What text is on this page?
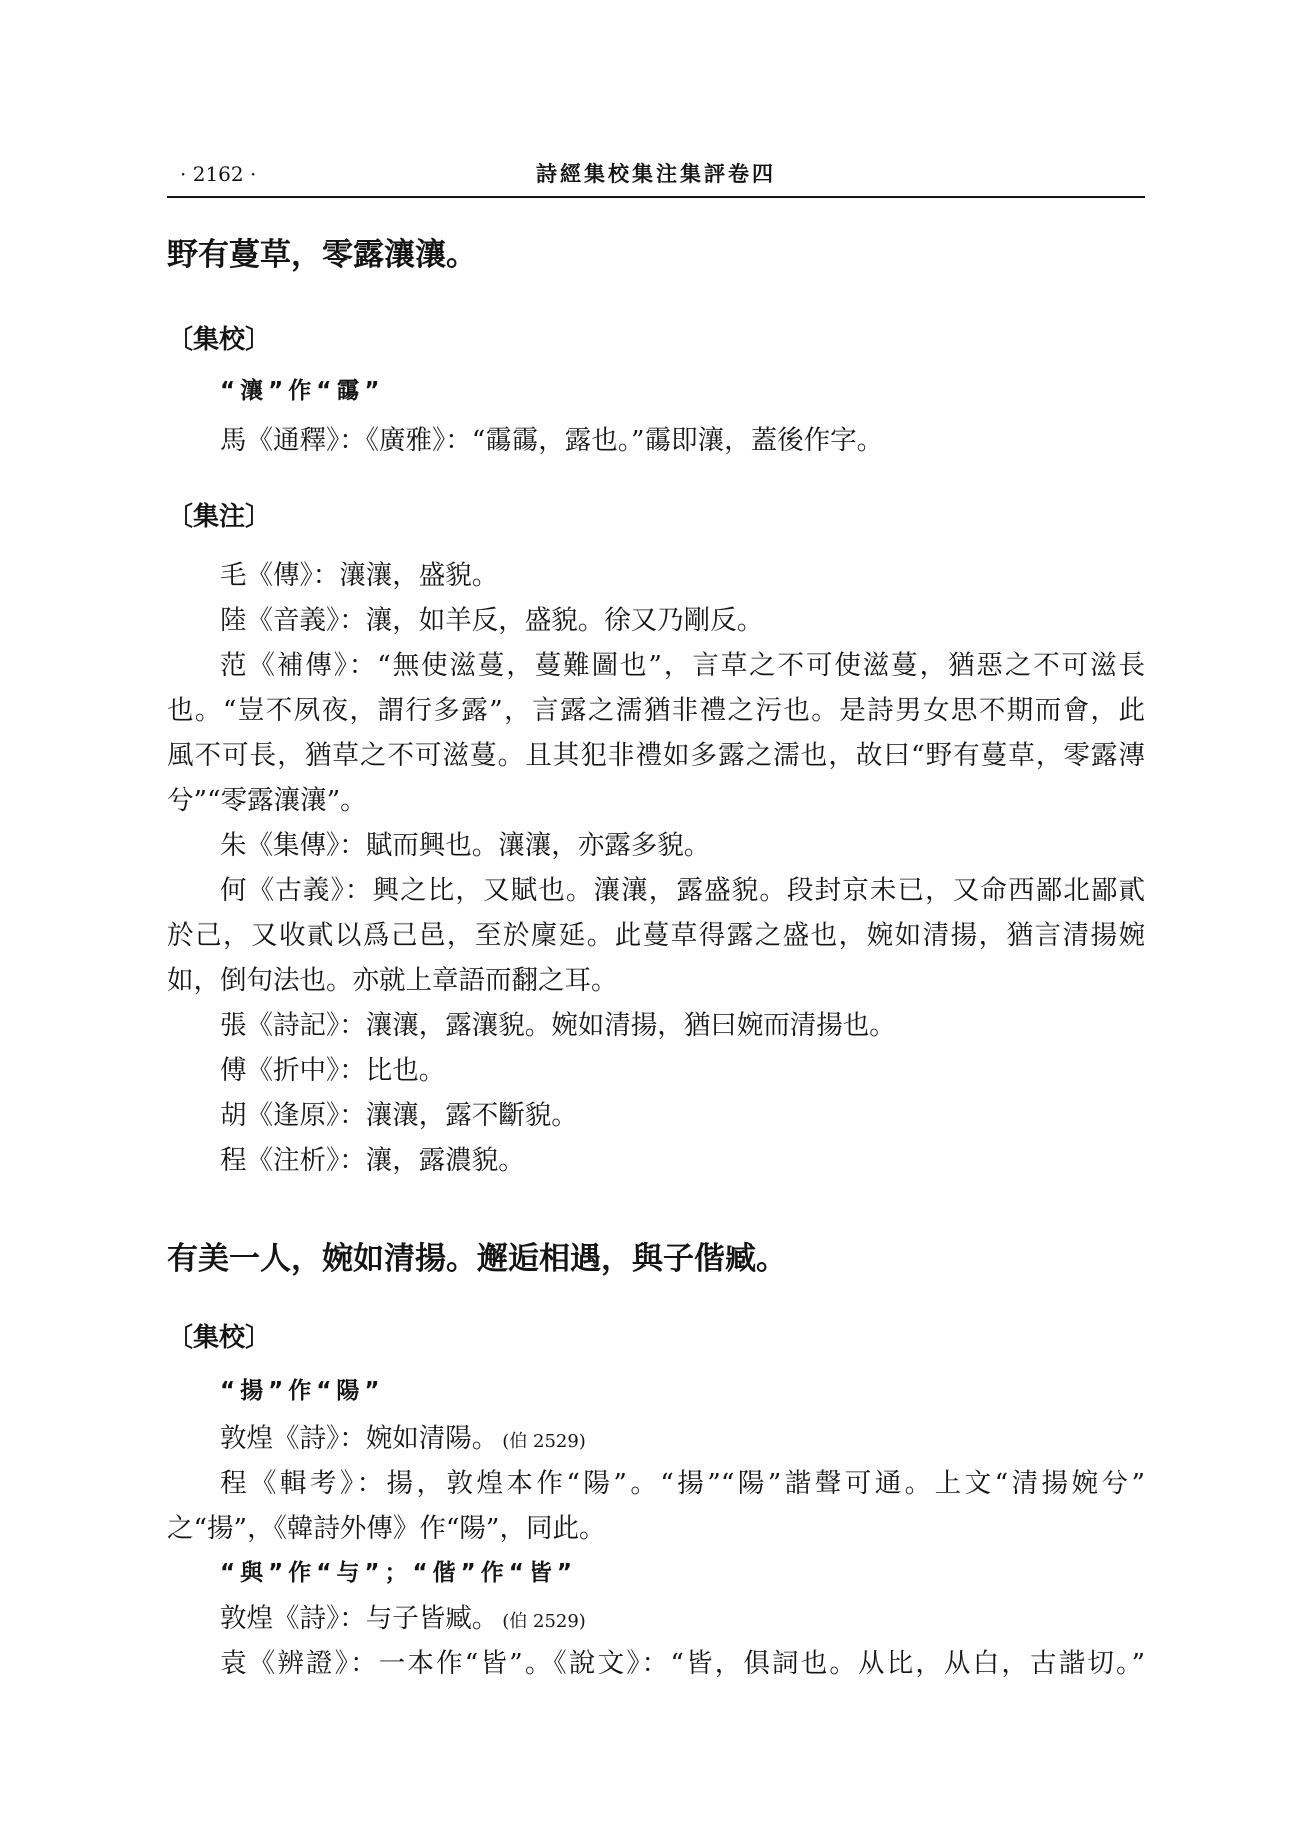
· 2162 ·	詩經集校集注集評卷四
野有蔓草，零露瀼瀼。
〔集校〕
“瀼”作“霷”
馬《通釋》：《廣雅》：“霷霷，露也。”霷即瀼，蓋後作字。
〔集注〕
毛《傳》：瀼瀼，盛貌。
陸《音義》：瀼，如羊反，盛貌。徐又乃剛反。
范《補傳》：“無使滋蔓，蔓難圖也”，言草之不可使滋蔓，猶惡之不可滋長
也。“豈不夙夜，謂行多露”，言露之濡猶非禮之污也。是詩男女思不期而會，此
風不可長，猶草之不可滋蔓。且其犯非禮如多露之濡也，故曰“野有蔓草，零露漙
兮”“零露瀼瀼”。
朱《集傳》：賦而興也。瀼瀼，亦露多貌。
何《古義》：興之比，又賦也。瀼瀼，露盛貌。段封京未已，又命西鄙北鄙貳
於己，又收貳以爲己邑，至於廩延。此蔓草得露之盛也，婉如清揚，猶言清揚婉
如，倒句法也。亦就上章語而翻之耳。
張《詩記》：瀼瀼，露瀼貌。婉如清揚，猶曰婉而清揚也。
傅《折中》：比也。
胡《逢原》：瀼瀼，露不斷貌。
程《注析》：瀼，露濃貌。
有美一人，婉如清揚。邂逅相遇，與子偕臧。
〔集校〕
“揚”作“陽”
敦煌《詩》：婉如清陽。 (伯 2529)
程《輯考》：揚，敦煌本作“陽”。“揚”“陽”諧聲可通。上文“清揚婉兮”
之“揚”，《韓詩外傳》作“陽”，同此。
“與”作“与”；“偕”作“皆”
敦煌《詩》：与子皆臧。 (伯 2529)
袁《辨證》：一本作“皆”。《說文》：“皆，俱詞也。从比，从白，古諧切。”
